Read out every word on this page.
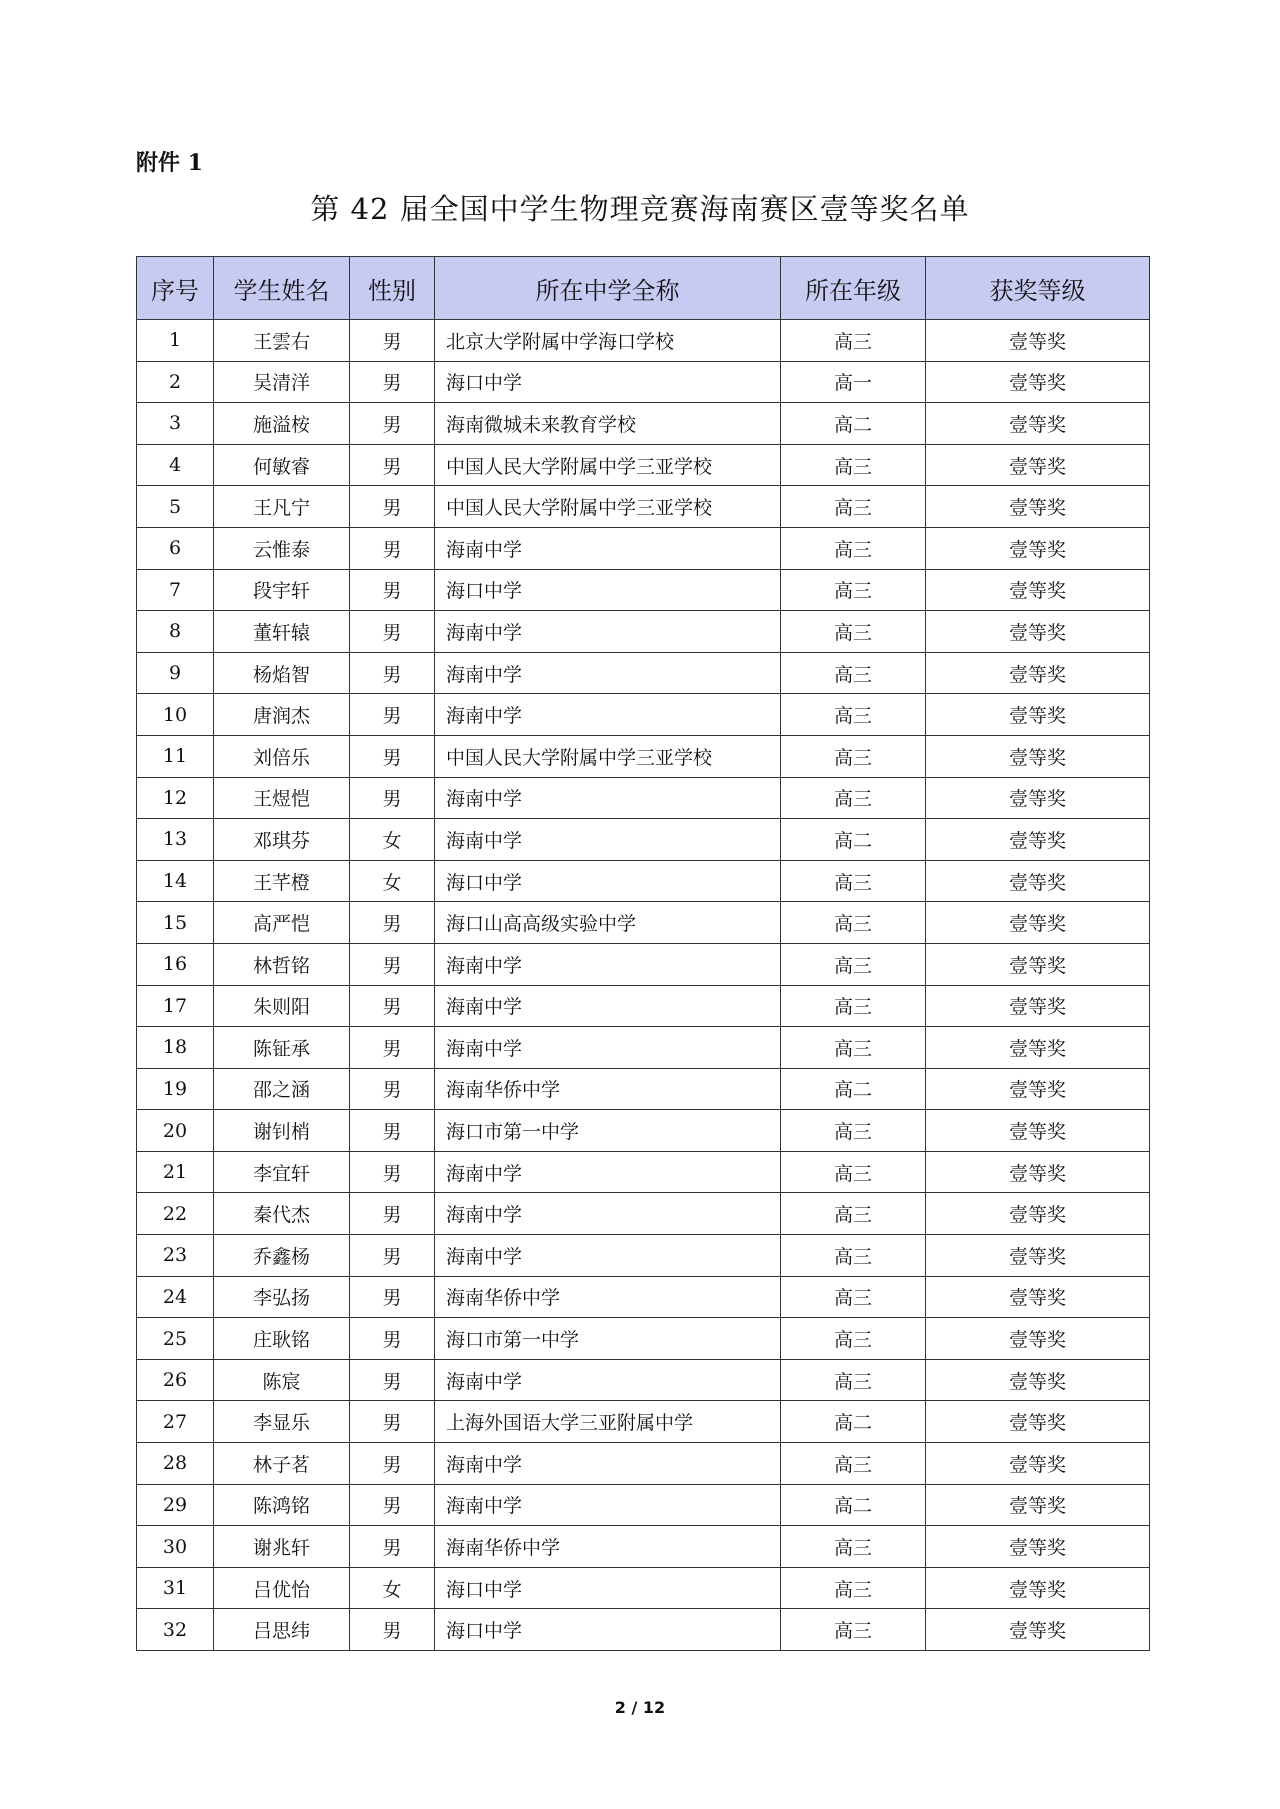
附件 1
第 42 届全国中学生物理竞赛海南赛区壹等奖名单
序号	学生姓名	性别	所在中学全称	所在年级	获奖等级
1	王雲右	男	北京大学附属中学海口学校	高三	壹等奖
2	吴清洋	男	海口中学	高一	壹等奖
3	施溢桉	男	海南微城未来教育学校	高二	壹等奖
4	何敏睿	男	中国人民大学附属中学三亚学校	高三	壹等奖
5	王凡宁	男	中国人民大学附属中学三亚学校	高三	壹等奖
6	云惟泰	男	海南中学	高三	壹等奖
7	段宇轩	男	海口中学	高三	壹等奖
8	董轩辕	男	海南中学	高三	壹等奖
9	杨焰智	男	海南中学	高三	壹等奖
10	唐润杰	男	海南中学	高三	壹等奖
11	刘倍乐	男	中国人民大学附属中学三亚学校	高三	壹等奖
12	王煜恺	男	海南中学	高三	壹等奖
13	邓琪芬	女	海南中学	高二	壹等奖
14	王芊橙	女	海口中学	高三	壹等奖
15	高严恺	男	海口山高高级实验中学	高三	壹等奖
16	林哲铭	男	海南中学	高三	壹等奖
17	朱则阳	男	海南中学	高三	壹等奖
18	陈钲承	男	海南中学	高三	壹等奖
19	邵之涵	男	海南华侨中学	高二	壹等奖
20	谢钊梢	男	海口市第一中学	高三	壹等奖
21	李宜轩	男	海南中学	高三	壹等奖
22	秦代杰	男	海南中学	高三	壹等奖
23	乔鑫杨	男	海南中学	高三	壹等奖
24	李弘扬	男	海南华侨中学	高三	壹等奖
25	庄耿铭	男	海口市第一中学	高三	壹等奖
26	陈宸	男	海南中学	高三	壹等奖
27	李显乐	男	上海外国语大学三亚附属中学	高二	壹等奖
28	林子茗	男	海南中学	高三	壹等奖
29	陈鸿铭	男	海南中学	高二	壹等奖
30	谢兆轩	男	海南华侨中学	高三	壹等奖
31	吕优怡	女	海口中学	高三	壹等奖
32	吕思纬	男	海口中学	高三	壹等奖
2 / 12
